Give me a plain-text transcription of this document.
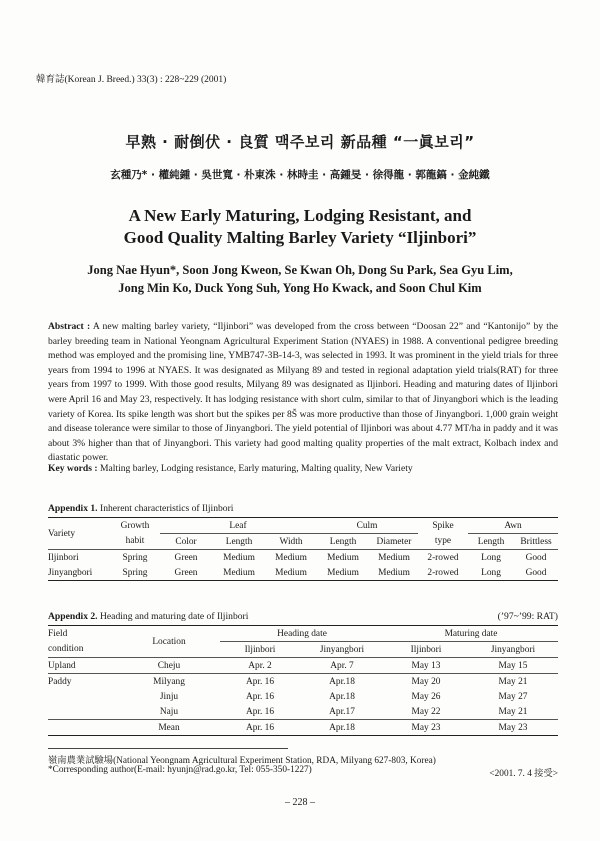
韓育誌(Korean J. Breed.) 33(3) : 228~229 (2001)
早熟 · 耐倒伏 · 良質 맥주보리 新品種 “一眞보리”
玄種乃* · 權純鍾 · 吳世寬 · 朴東洙 · 林時圭 · 高鍾旻 · 徐得龍 · 郭龍鎬 · 金純鐵
A New Early Maturing, Lodging Resistant, and
Good Quality Malting Barley Variety “Iljinbori”
Jong Nae Hyun*, Soon Jong Kweon, Se Kwan Oh, Dong Su Park, Sea Gyu Lim,
Jong Min Ko, Duck Yong Suh, Yong Ho Kwack, and Soon Chul Kim
Abstract : A new malting barley variety, “Iljinbori” was developed from the cross between “Doosan 22” and “Kantonijo” by the barley breeding team in National Yeongnam Agricultural Experiment Station (NYAES) in 1988. A conventional pedigree breeding method was employed and the promising line, YMB747-3B-14-3, was selected in 1993. It was prominent in the yield trials for three years from 1994 to 1996 at NYAES. It was designated as Milyang 89 and tested in regional adaptation yield trials(RAT) for three years from 1997 to 1999. With those good results, Milyang 89 was designated as Iljinbori. Heading and maturing dates of Iljinbori were April 16 and May 23, respectively. It has lodging resistance with short culm, similar to that of Jinyangbori which is the leading variety of Korea. Its spike length was short but the spikes per 8Š was more productive than those of Jinyangbori. 1,000 grain weight and disease tolerance were similar to those of Jinyangbori. The yield potential of Iljinbori was about 4.77 MT/ha in paddy and it was about 3% higher than that of Jinyangbori. This variety had good malting quality properties of the malt extract, Kolbach index and diastatic power.
Key words : Malting barley, Lodging resistance, Early maturing, Malting quality, New Variety
Appendix 1. Inherent characteristics of Iljinbori
Variety	Growth	Leaf			Culm		Spike	Awn	
	habit	Color	Length	Width	Length	Diameter	type	Length	Brittless
Iljinbori	Spring	Green	Medium	Medium	Medium	Medium	2-rowed	Long	Good
Jinyangbori	Spring	Green	Medium	Medium	Medium	Medium	2-rowed	Long	Good
Appendix 2. Heading and maturing date of Iljinbori	(’97~’99: RAT)
Field	Location	Heading date		Maturing date	
condition		Iljinbori	Jinyangbori	Iljinbori	Jinyangbori
Upland	Cheju	Apr. 2	Apr. 7	May 13	May 15
Paddy	Milyang	Apr. 16	Apr.18	May 20	May 21
	Jinju	Apr. 16	Apr.18	May 26	May 27
	Naju	Apr. 16	Apr.17	May 22	May 21
	Mean	Apr. 16	Apr.18	May 23	May 23
嶺南農業試驗場(National Yeongnam Agricultural Experiment Station, RDA, Milyang 627-803, Korea)
*Corresponding author(E-mail: hyunjn@rad.go.kr, Tel: 055-350-1227)	<2001. 7. 4 接受>
– 228 –
